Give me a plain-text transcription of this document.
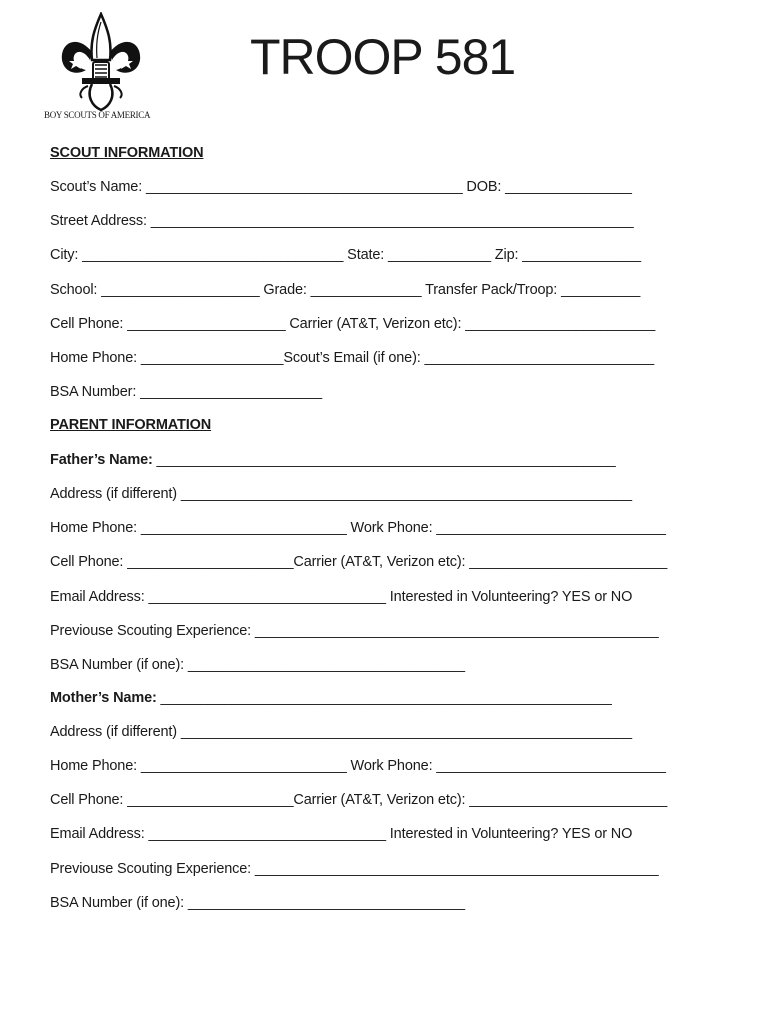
BOY SCOUTS OF AMERICA
TROOP 581
SCOUT INFORMATION
Scout’s Name: ________________________________________ DOB: ________________
Street Address: _____________________________________________________________
City: _________________________________ State: _____________ Zip: _______________
School: ____________________ Grade: ______________ Transfer Pack/Troop: __________
Cell Phone: ____________________ Carrier (AT&T, Verizon etc): ________________________
Home Phone: __________________Scout’s Email (if one): _____________________________
BSA Number: _______________________
PARENT INFORMATION
Father’s Name: __________________________________________________________
Address (if different) _________________________________________________________
Home Phone: __________________________ Work Phone: _____________________________
Cell Phone: _____________________Carrier (AT&T, Verizon etc): _________________________
Email Address: ______________________________ Interested in Volunteering? YES or NO
Previouse Scouting Experience: ___________________________________________________
BSA Number (if one): ___________________________________
Mother’s Name: _________________________________________________________
Address (if different) _________________________________________________________
Home Phone: __________________________ Work Phone: _____________________________
Cell Phone: _____________________Carrier (AT&T, Verizon etc): _________________________
Email Address: ______________________________ Interested in Volunteering? YES or NO
Previouse Scouting Experience: ___________________________________________________
BSA Number (if one): ___________________________________
